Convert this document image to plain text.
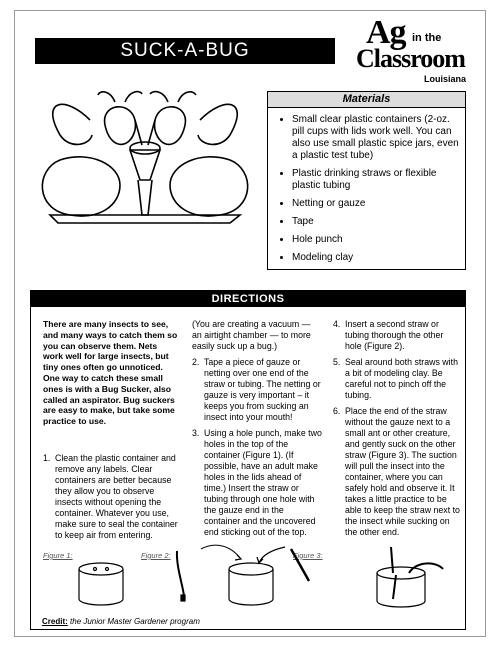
SUCK-A-BUG	Ag in the
Classroom
Louisiana
Materials
• Small clear plastic containers (2-oz. pill cups with lids work well. You can also use small plastic spice jars, even a plastic test tube)
• Plastic drinking straws or flexible plastic tubing
• Netting or gauze
• Tape
• Hole punch
• Modeling clay
DIRECTIONS
There are many insects to see, and many ways to catch them so you can observe them. Nets work well for large insects, but tiny ones often go unnoticed. One way to catch these small ones is with a Bug Sucker, also called an aspirator. Bug suckers are easy to make, but take some practice to use.
1. Clean the plastic container and remove any labels. Clear containers are better because they allow you to observe insects without opening the container. Whatever you use, make sure to seal the container to keep air from entering.
(You are creating a vacuum — an airtight chamber — to more easily suck up a bug.)
2. Tape a piece of gauze or netting over one end of the straw or tubing. The netting or gauze is very important – it keeps you from sucking an insect into your mouth!
3. Using a hole punch, make two holes in the top of the container (Figure 1). (If possible, have an adult make holes in the lids ahead of time.) Insert the straw or tubing through one hole with the gauze end in the container and the uncovered end sticking out of the top.
4. Insert a second straw or tubing thorough the other hole (Figure 2).
5. Seal around both straws with a bit of modeling clay. Be careful not to pinch off the tubing.
6. Place the end of the straw without the gauze next to a small ant or other creature, and gently suck on the other straw (Figure 3). The suction will pull the insect into the container, where you can safely hold and observe it. It takes a little practice to be able to keep the straw next to the insect while sucking on the other end.
Figure 1:	Figure 2:	Figure 3:
Credit: the Junior Master Gardener program
